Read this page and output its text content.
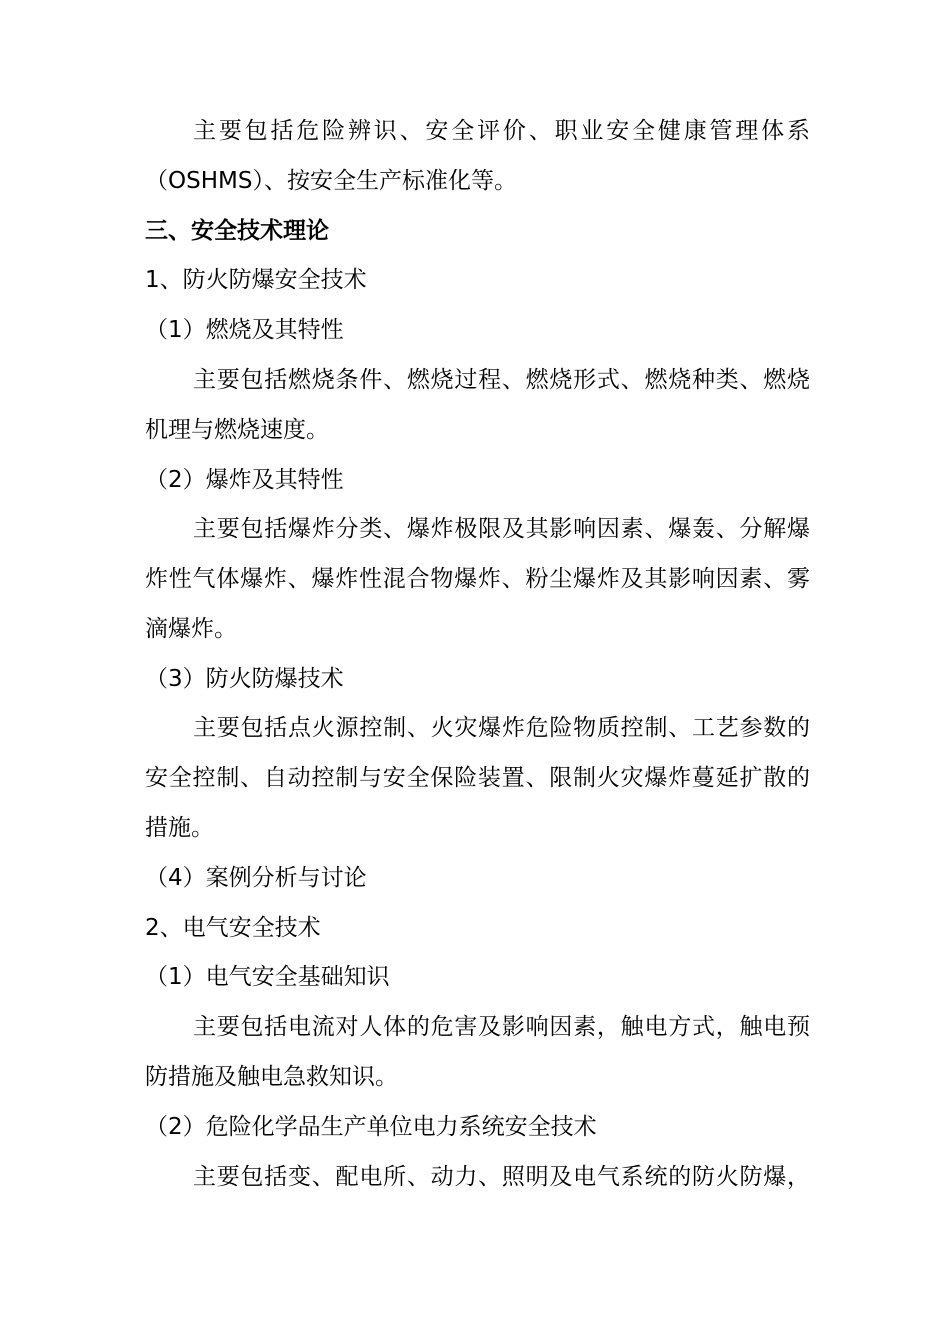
主要包括危险辨识、安全评价、职业安全健康管理体系
（OSHMS）、按安全生产标准化等。
三、安全技术理论
1、防火防爆安全技术
（1）燃烧及其特性
主要包括燃烧条件、燃烧过程、燃烧形式、燃烧种类、燃烧
机理与燃烧速度。
（2）爆炸及其特性
主要包括爆炸分类、爆炸极限及其影响因素、爆轰、分解爆
炸性气体爆炸、爆炸性混合物爆炸、粉尘爆炸及其影响因素、雾
滴爆炸。
（3）防火防爆技术
主要包括点火源控制、火灾爆炸危险物质控制、工艺参数的
安全控制、自动控制与安全保险装置、限制火灾爆炸蔓延扩散的
措施。
（4）案例分析与讨论
2、电气安全技术
（1）电气安全基础知识
主要包括电流对人体的危害及影响因素，触电方式，触电预
防措施及触电急救知识。
（2）危险化学品生产单位电力系统安全技术
主要包括变、配电所、动力、照明及电气系统的防火防爆，
